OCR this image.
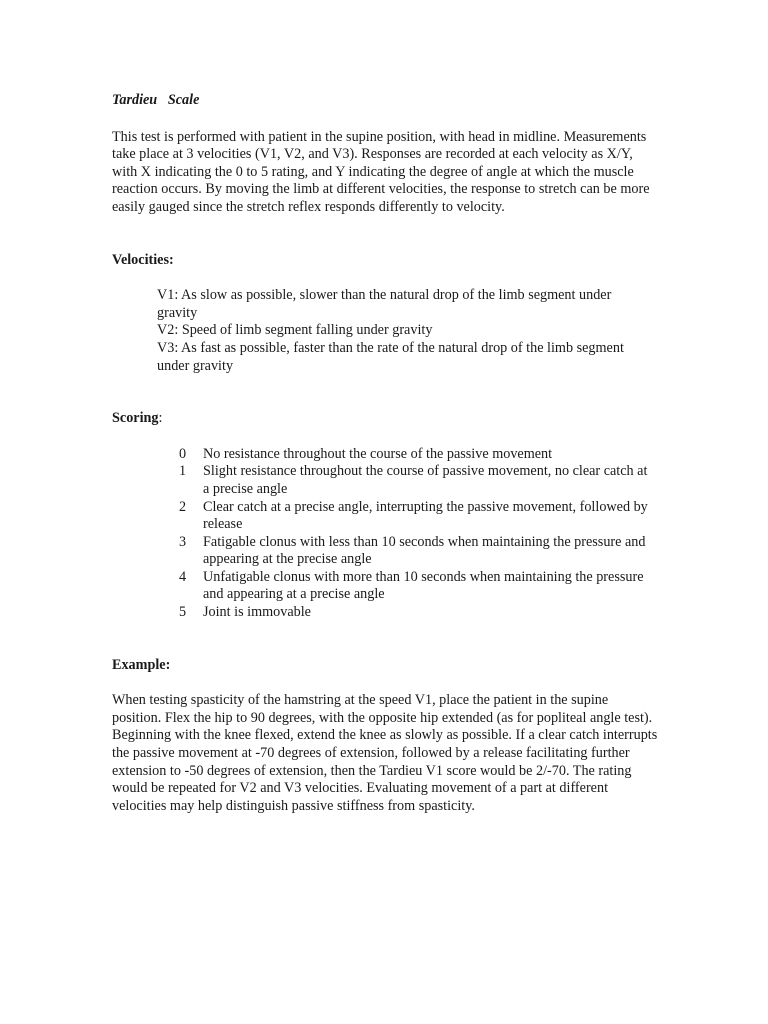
Tardieu   Scale

This test is performed with patient in the supine position, with head in midline. Measurements take place at 3 velocities (V1, V2, and V3). Responses are recorded at each velocity as X/Y, with X indicating the 0 to 5 rating, and Y indicating the degree of angle at which the muscle reaction occurs. By moving the limb at different velocities, the response to stretch can be more easily gauged since the stretch reflex responds differently to velocity.

Velocities:

V1: As slow as possible, slower than the natural drop of the limb segment under gravity

V2: Speed of limb segment falling under gravity

V3: As fast as possible, faster than the rate of the natural drop of the limb segment under gravity

Scoring:

0	No resistance throughout the course of the passive movement
1	Slight resistance throughout the course of passive movement, no clear catch at a precise angle
2	Clear catch at a precise angle, interrupting the passive movement, followed by release
3	Fatigable clonus with less than 10 seconds when maintaining the pressure and appearing at the precise angle
4	Unfatigable clonus with more than 10 seconds when maintaining the pressure and appearing at a precise angle
5	Joint is immovable

Example:

When testing spasticity of the hamstring at the speed V1, place the patient in the supine position. Flex the hip to 90 degrees, with the opposite hip extended (as for popliteal angle test). Beginning with the knee flexed, extend the knee as slowly as possible. If a clear catch interrupts the passive movement at -70 degrees of extension, followed by a release facilitating further extension to -50 degrees of extension, then the Tardieu V1 score would be 2/-70. The rating would be repeated for V2 and V3 velocities. Evaluating movement of a part at different velocities may help distinguish passive stiffness from spasticity.
